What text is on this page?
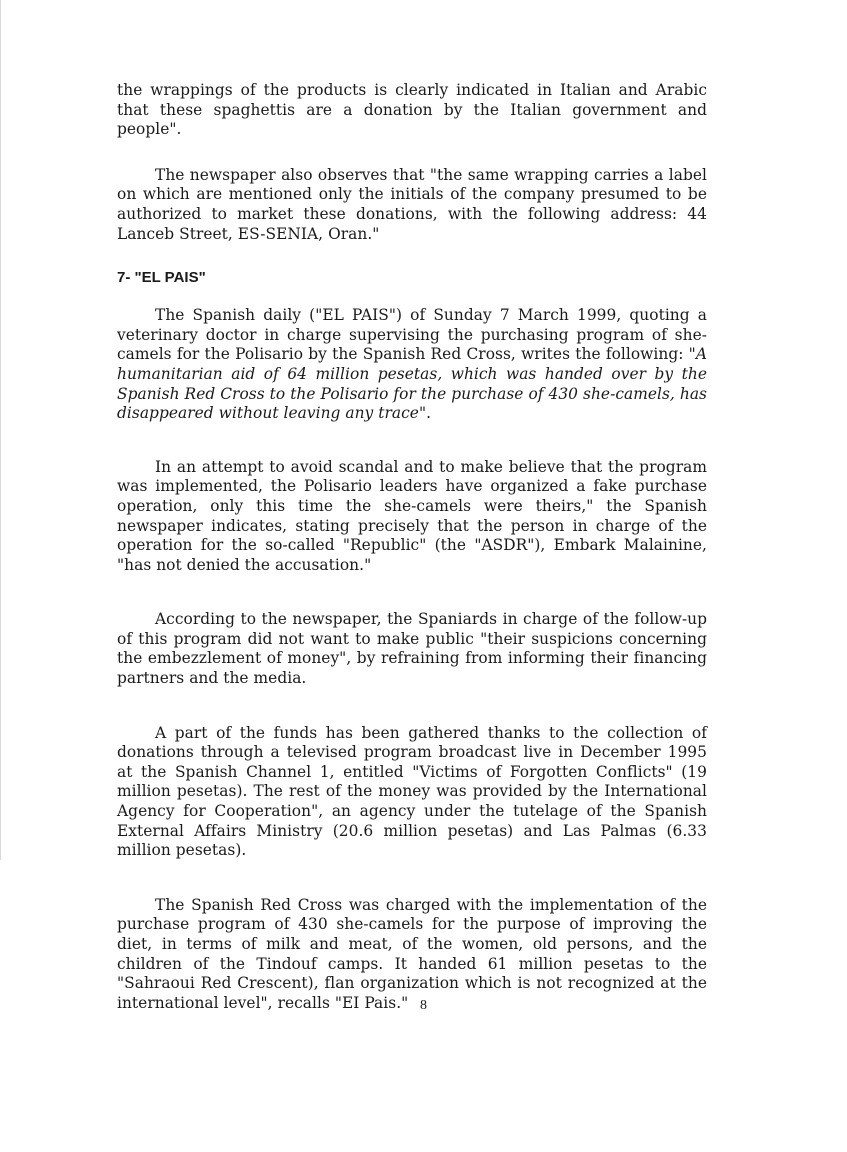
the wrappings of the products is clearly indicated in Italian and Arabic that these spaghettis are a donation by the Italian government and people".

The newspaper also observes that "the same wrapping carries a label on which are mentioned only the initials of the company presumed to be authorized to market these donations, with the following address: 44 Lanceb Street, ES-SENIA, Oran."

7- "EL PAIS"

The Spanish daily ("EL PAIS") of Sunday 7 March 1999, quoting a veterinary doctor in charge supervising the purchasing program of she-camels for the Polisario by the Spanish Red Cross, writes the following: "A humanitarian aid of 64 million pesetas, which was handed over by the Spanish Red Cross to the Polisario for the purchase of 430 she-camels, has disappeared without leaving any trace".

In an attempt to avoid scandal and to make believe that the program was implemented, the Polisario leaders have organized a fake purchase operation, only this time the she-camels were theirs," the Spanish newspaper indicates, stating precisely that the person in charge of the operation for the so-called "Republic" (the "ASDR"), Embark Malainine, "has not denied the accusation."

According to the newspaper, the Spaniards in charge of the follow-up of this program did not want to make public "their suspicions concerning the embezzlement of money", by refraining from informing their financing partners and the media.

A part of the funds has been gathered thanks to the collection of donations through a televised program broadcast live in December 1995 at the Spanish Channel 1, entitled "Victims of Forgotten Conflicts" (19 million pesetas). The rest of the money was provided by the International Agency for Cooperation", an agency under the tutelage of the Spanish External Affairs Ministry (20.6 million pesetas) and Las Palmas (6.33 million pesetas).

The Spanish Red Cross was charged with the implementation of the purchase program of 430 she-camels for the purpose of improving the diet, in terms of milk and meat, of the women, old persons, and the children of the Tindouf camps. It handed 61 million pesetas to the "Sahraoui Red Crescent), flan organization which is not recognized at the international level", recalls "EI Pais." 8
